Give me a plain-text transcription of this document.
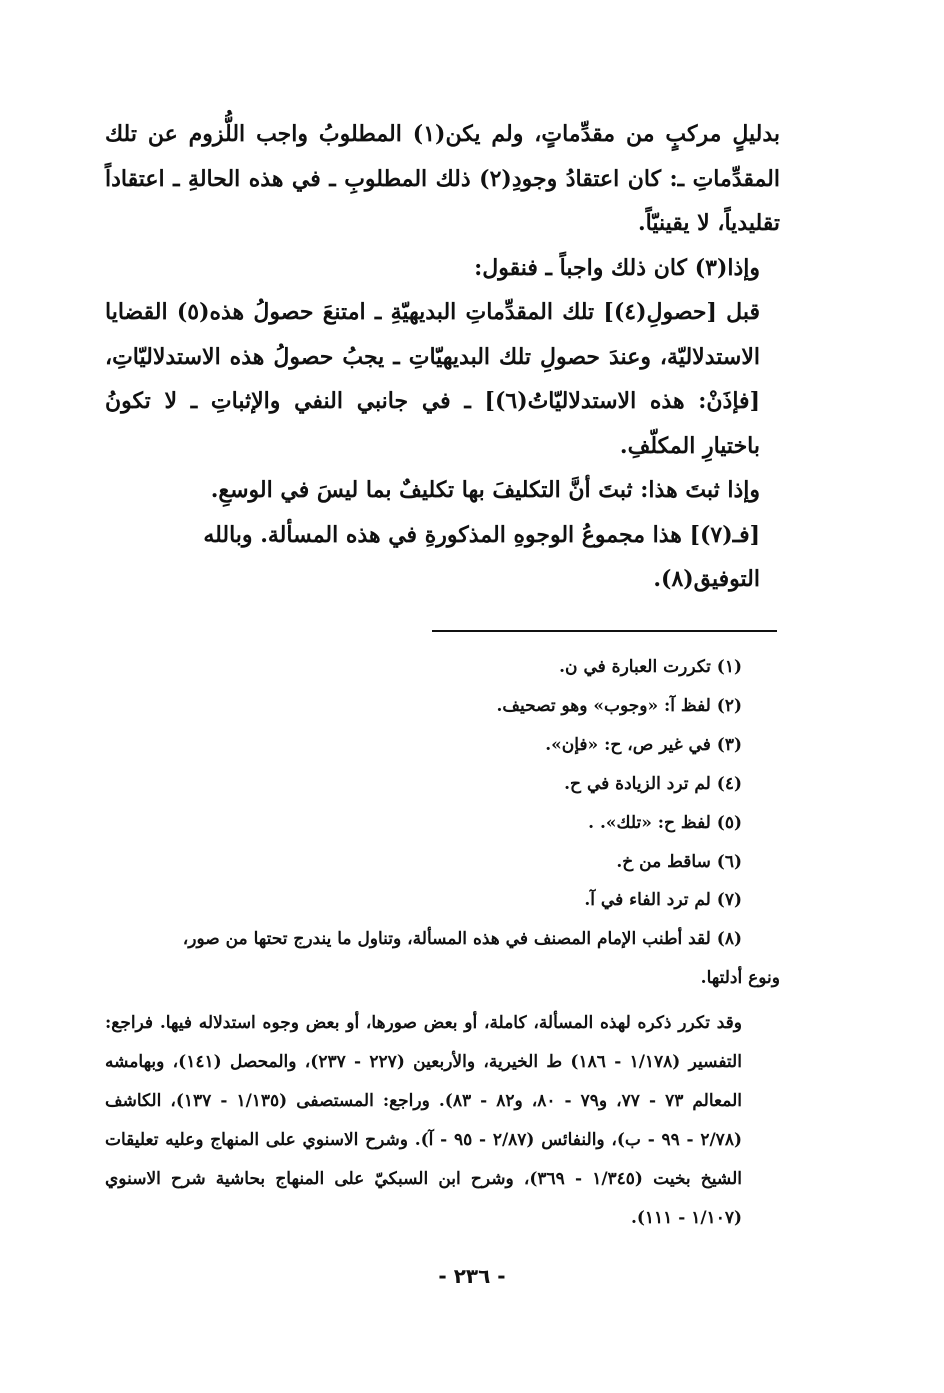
بدليلٍ مركبٍ من مقدِّماتٍ، ولم يكن(١) المطلوبُ واجب اللُّزوم عن تلك المقدِّماتِ ـ: كان اعتقادُ وجودِ(٢) ذلك المطلوبِ ـ في هذه الحالةِ ـ اعتقاداً تقليدياً، لا يقينيّاً.

وإذا(٣) كان ذلك واجباً ـ فنقول:

قبل [حصولِ(٤)] تلك المقدِّماتِ البديهيّةِ ـ امتنعَ حصولُ هذه(٥) القضايا الاستدلاليّة، وعندَ حصولِ تلك البديهيّاتِ ـ يجبُ حصولُ هذه الاستدلاليّاتِ، [فإذَنْ: هذه الاستدلاليّاتُ(٦)] ـ في جانبي النفي والإثباتِ ـ لا تكونُ باختيارِ المكلّفِ.

وإذا ثبتَ هذا: ثبتَ أنَّ التكليفَ بها تكليفٌ بما ليسَ في الوسعِ.

[فـ(٧)] هذا مجموعُ الوجوهِ المذكورةِ في هذه المسألة. وبالله التوفيق(٨).

(١) تكررت العبارة في ن.

(٢) لفظ آ: «وجوب» وهو تصحيف.

(٣) في غير ص، ح: «فإن».

(٤) لم ترد الزيادة في ح.

(٥) لفظ ح: «تلك». .

(٦) ساقط من خ.

(٧) لم ترد الفاء في آ.

(٨) لقد أطنب الإمام المصنف في هذه المسألة، وتناول ما يندرج تحتها من صور،

ونوع أدلتها.

وقد تكرر ذكره لهذه المسألة، كاملة، أو بعض صورها، أو بعض وجوه استدلاله فيها. فراجع: التفسير (١/١٧٨ - ١٨٦) ط الخيرية، والأربعين (٢٢٧ - ٢٣٧)، والمحصل (١٤١)، وبهامشه المعالم ٧٣ - ٧٧، و٧٩ - ٨٠، و٨٢ - ٨٣). وراجع: المستصفى (١/١٣٥ - ١٣٧)، الكاشف (٢/٧٨ - ٩٩ - ب)، والنفائس (٢/٨٧ - ٩٥ - آ). وشرح الاسنوي على المنهاج وعليه تعليقات الشيخ بخيت (١/٣٤٥ - ٣٦٩)، وشرح ابن السبكيّ على المنهاج بحاشية شرح الاسنوي (١/١٠٧ - ١١١).

- ٢٣٦ -
